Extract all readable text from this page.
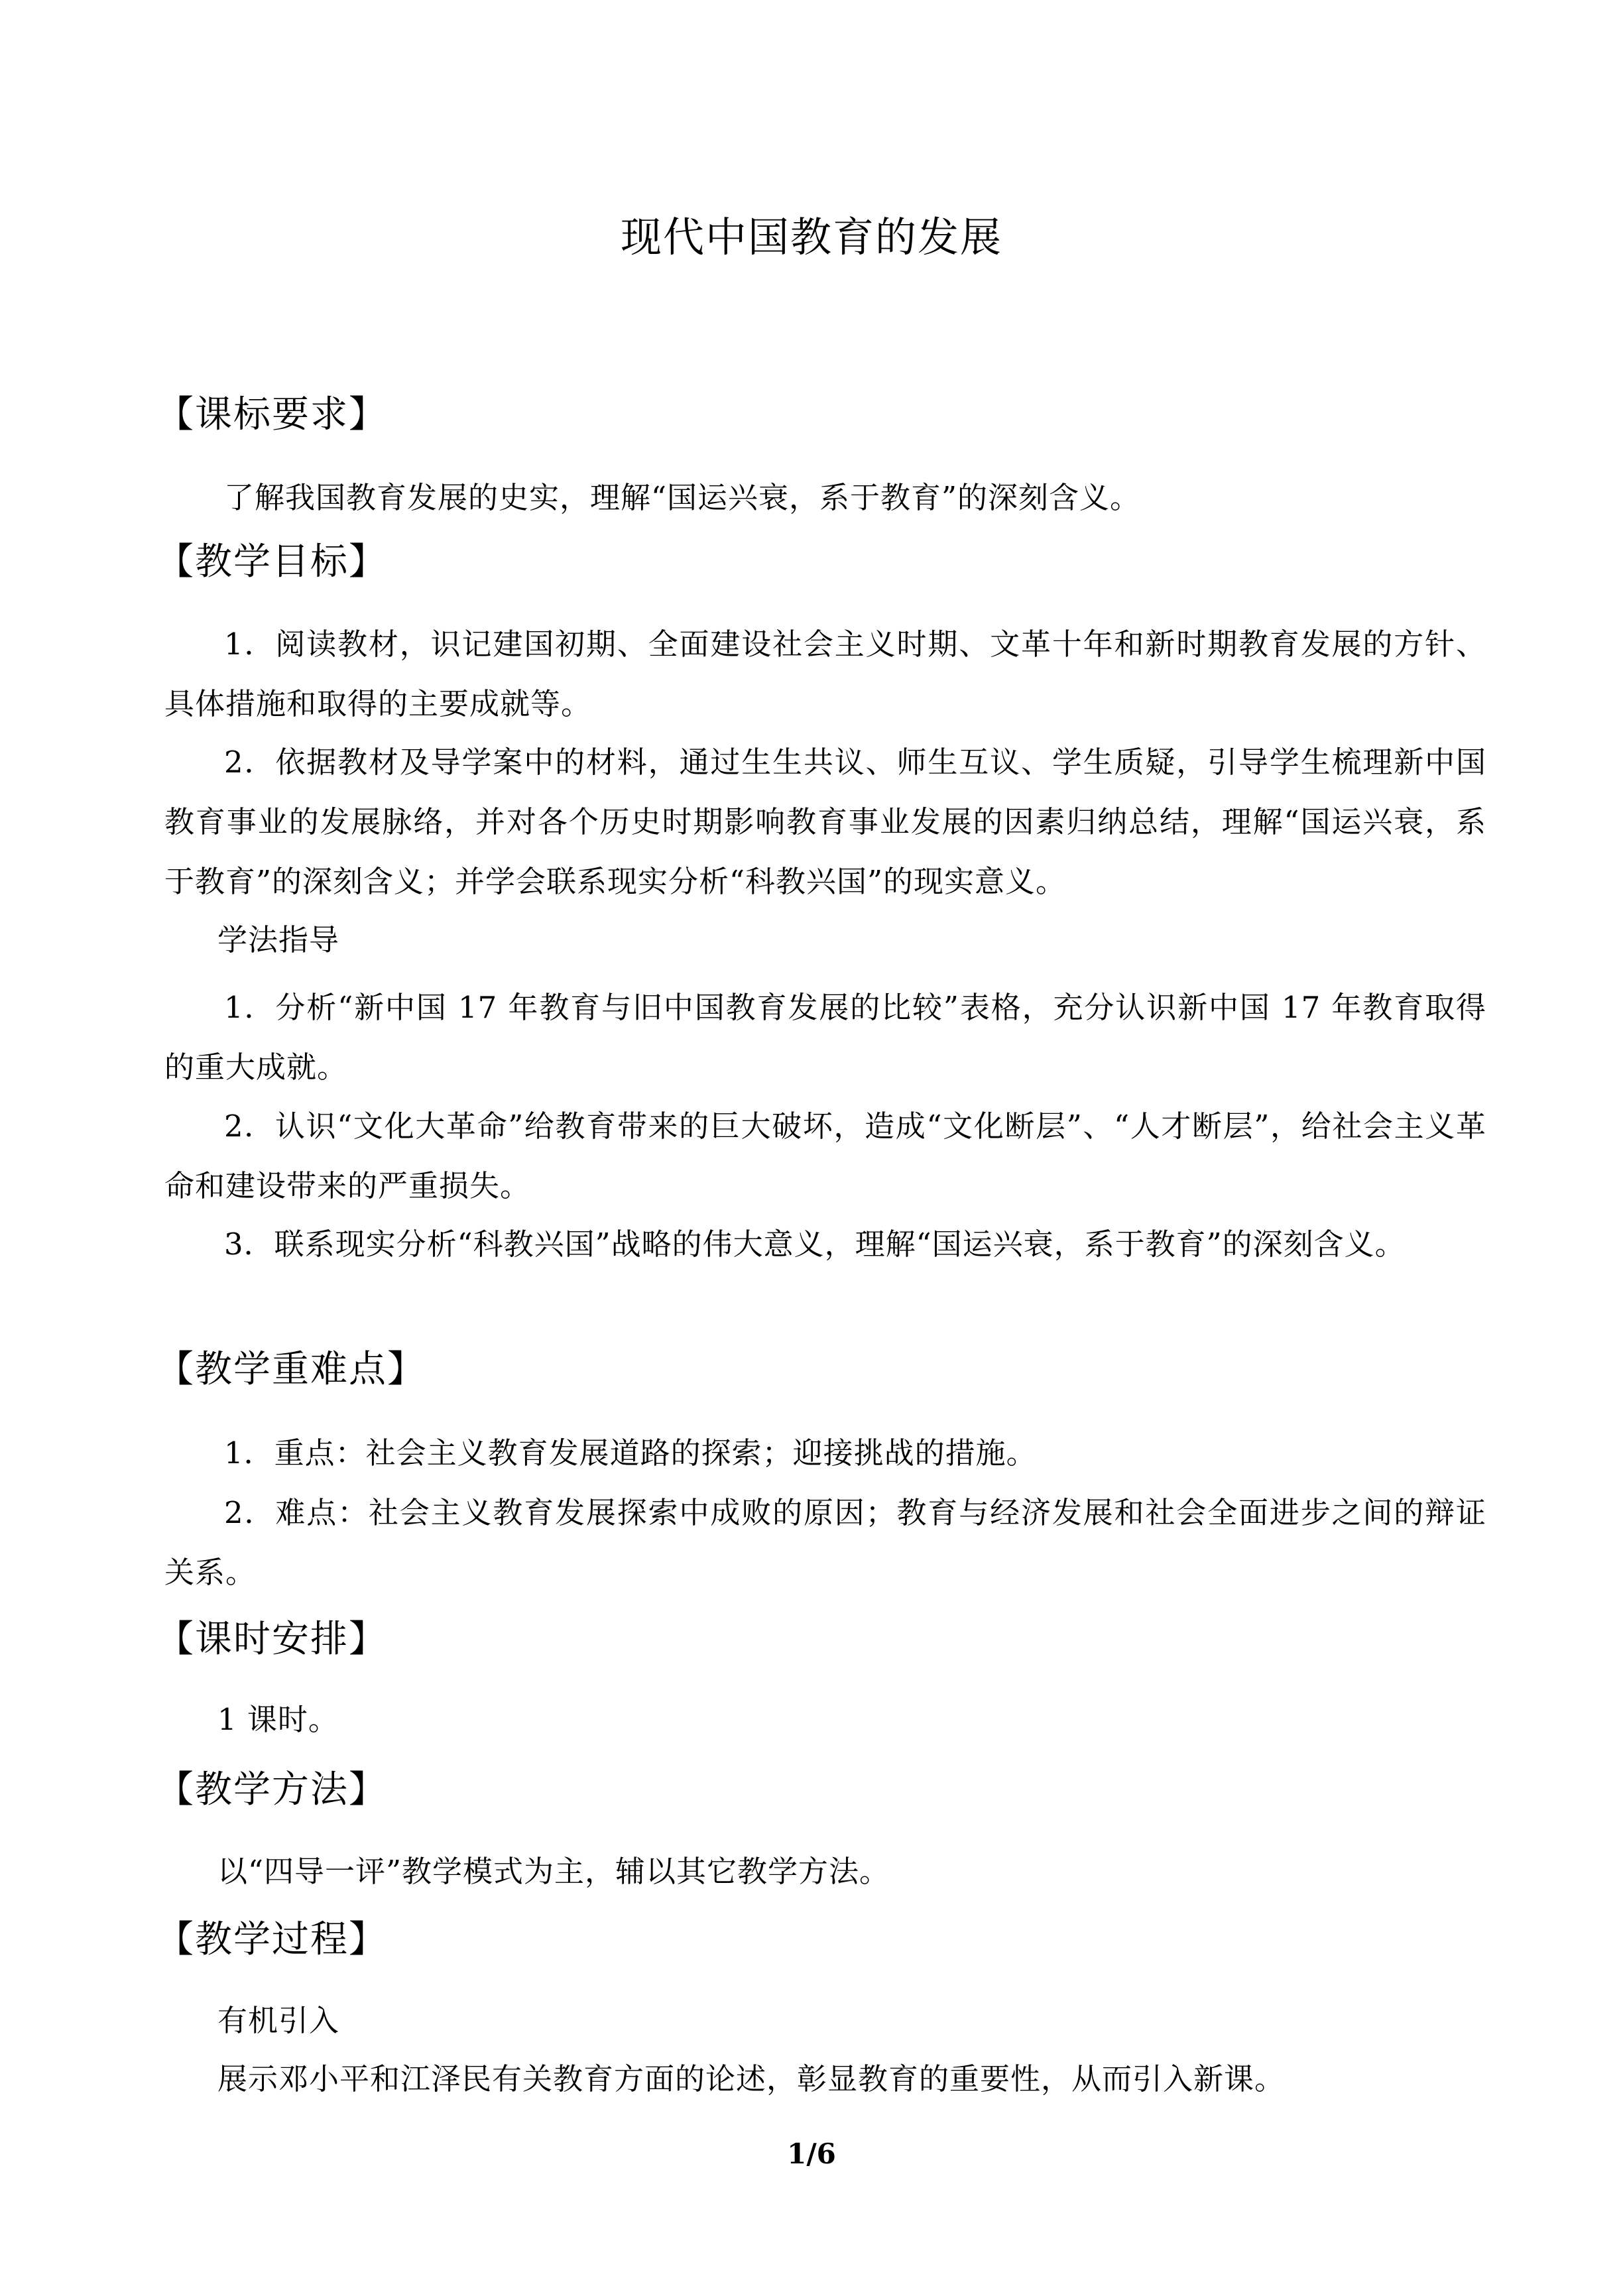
现代中国教育的发展
【课标要求】
了解我国教育发展的史实，理解“国运兴衰，系于教育”的深刻含义。
【教学目标】
1．阅读教材，识记建国初期、全面建设社会主义时期、文革十年和新时期教育发展的方针、具体措施和取得的主要成就等。
2．依据教材及导学案中的材料，通过生生共议、师生互议、学生质疑，引导学生梳理新中国教育事业的发展脉络，并对各个历史时期影响教育事业发展的因素归纳总结，理解“国运兴衰，系于教育”的深刻含义；并学会联系现实分析“科教兴国”的现实意义。
学法指导
1．分析“新中国 17 年教育与旧中国教育发展的比较”表格，充分认识新中国 17 年教育取得的重大成就。
2．认识“文化大革命”给教育带来的巨大破坏，造成“文化断层”、“人才断层”，给社会主义革命和建设带来的严重损失。
3．联系现实分析“科教兴国”战略的伟大意义，理解“国运兴衰，系于教育”的深刻含义。
【教学重难点】
1．重点：社会主义教育发展道路的探索；迎接挑战的措施。
2．难点：社会主义教育发展探索中成败的原因；教育与经济发展和社会全面进步之间的辩证关系。
【课时安排】
1 课时。
【教学方法】
以“四导一评”教学模式为主，辅以其它教学方法。
【教学过程】
有机引入
展示邓小平和江泽民有关教育方面的论述，彰显教育的重要性，从而引入新课。
1/6
